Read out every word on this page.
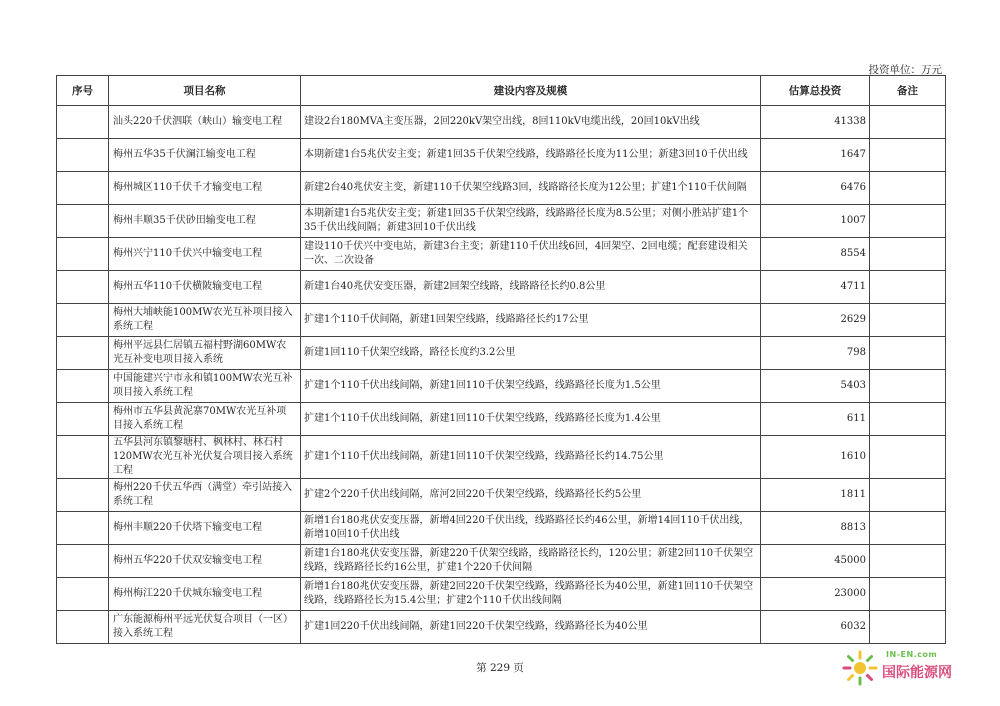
投资单位：万元
序号	项目名称	建设内容及规模	估算总投资	备注
	汕头220千伏泗联（峡山）输变电工程	建设2台180MVA主变压器，2回220kV架空出线，8回110kV电缆出线，20回10kV出线	41338	
	梅州五华35千伏澜江输变电工程	本期新建1台5兆伏安主变；新建1回35千伏架空线路，线路路径长度为11公里；新建3回10千伏出线	1647	
	梅州城区110千伏千才输变电工程	新建2台40兆伏安主变，新建110千伏架空线路3回，线路路径长度为12公里；扩建1个110千伏间隔	6476	
	梅州丰顺35千伏砂田输变电工程	本期新建1台5兆伏安主变；新建1回35千伏架空线路，线路路径长度为8.5公里；对侧小胜站扩建1个35千伏出线间隔；新建3回10千伏出线	1007	
	梅州兴宁110千伏兴中输变电工程	建设110千伏兴中变电站，新建3台主变；新建110千伏出线6回，4回架空、2回电缆；配套建设相关一次、二次设备	8554	
	梅州五华110千伏横陂输变电工程	新建1台40兆伏安变压器，新建2回架空线路，线路路径长约0.8公里	4711	
	梅州大埔峡能100MW农光互补项目接入系统工程	扩建1个110千伏间隔，新建1回架空线路，线路路径长约17公里	2629	
	梅州平远县仁居镇五福村野湖60MW农光互补变电项目接入系统	新建1回110千伏架空线路，路径长度约3.2公里	798	
	中国能建兴宁市永和镇100MW农光互补项目接入系统工程	扩建1个110千伏出线间隔，新建1回110千伏架空线路，线路路径长度为1.5公里	5403	
	梅州市五华县黄泥寨70MW农光互补项目接入系统工程	扩建1个110千伏出线间隔，新建1回110千伏架空线路，线路路径长度为1.4公里	611	
	五华县河东镇黎塘村、枫林村、林石村120MW农光互补光伏复合项目接入系统工程	扩建1个110千伏出线间隔，新建1回110千伏架空线路，线路路径长约14.75公里	1610	
	梅州220千伏五华西（满堂）牵引站接入系统工程	扩建2个220千伏出线间隔，席河2回220千伏架空线路，线路路径长约5公里	1811	
	梅州丰顺220千伏塔下输变电工程	新增1台180兆伏安变压器，新增4回220千伏出线，线路路径长约46公里，新增14回110千伏出线，新增10回10千伏出线	8813	
	梅州五华220千伏双安输变电工程	新建1台180兆伏安变压器，新建220千伏架空线路，线路路径长约，120公里；新建2回110千伏架空线路，线路路径长约16公里，扩建1个220千伏间隔	45000	
	梅州梅江220千伏城东输变电工程	新增1台180兆伏安变压器，新建2回220千伏架空线路，线路路径长为40公里，新建1回110千伏架空线路，线路路径长为15.4公里；扩建2个110千伏出线间隔	23000	
	广东能源梅州平远光伏复合项目（一区）接入系统工程	扩建1回220千伏出线间隔，新建1回220千伏架空线路，线路路径长为40公里	6032	
第 229 页
IN-EN.com
国际能源网
